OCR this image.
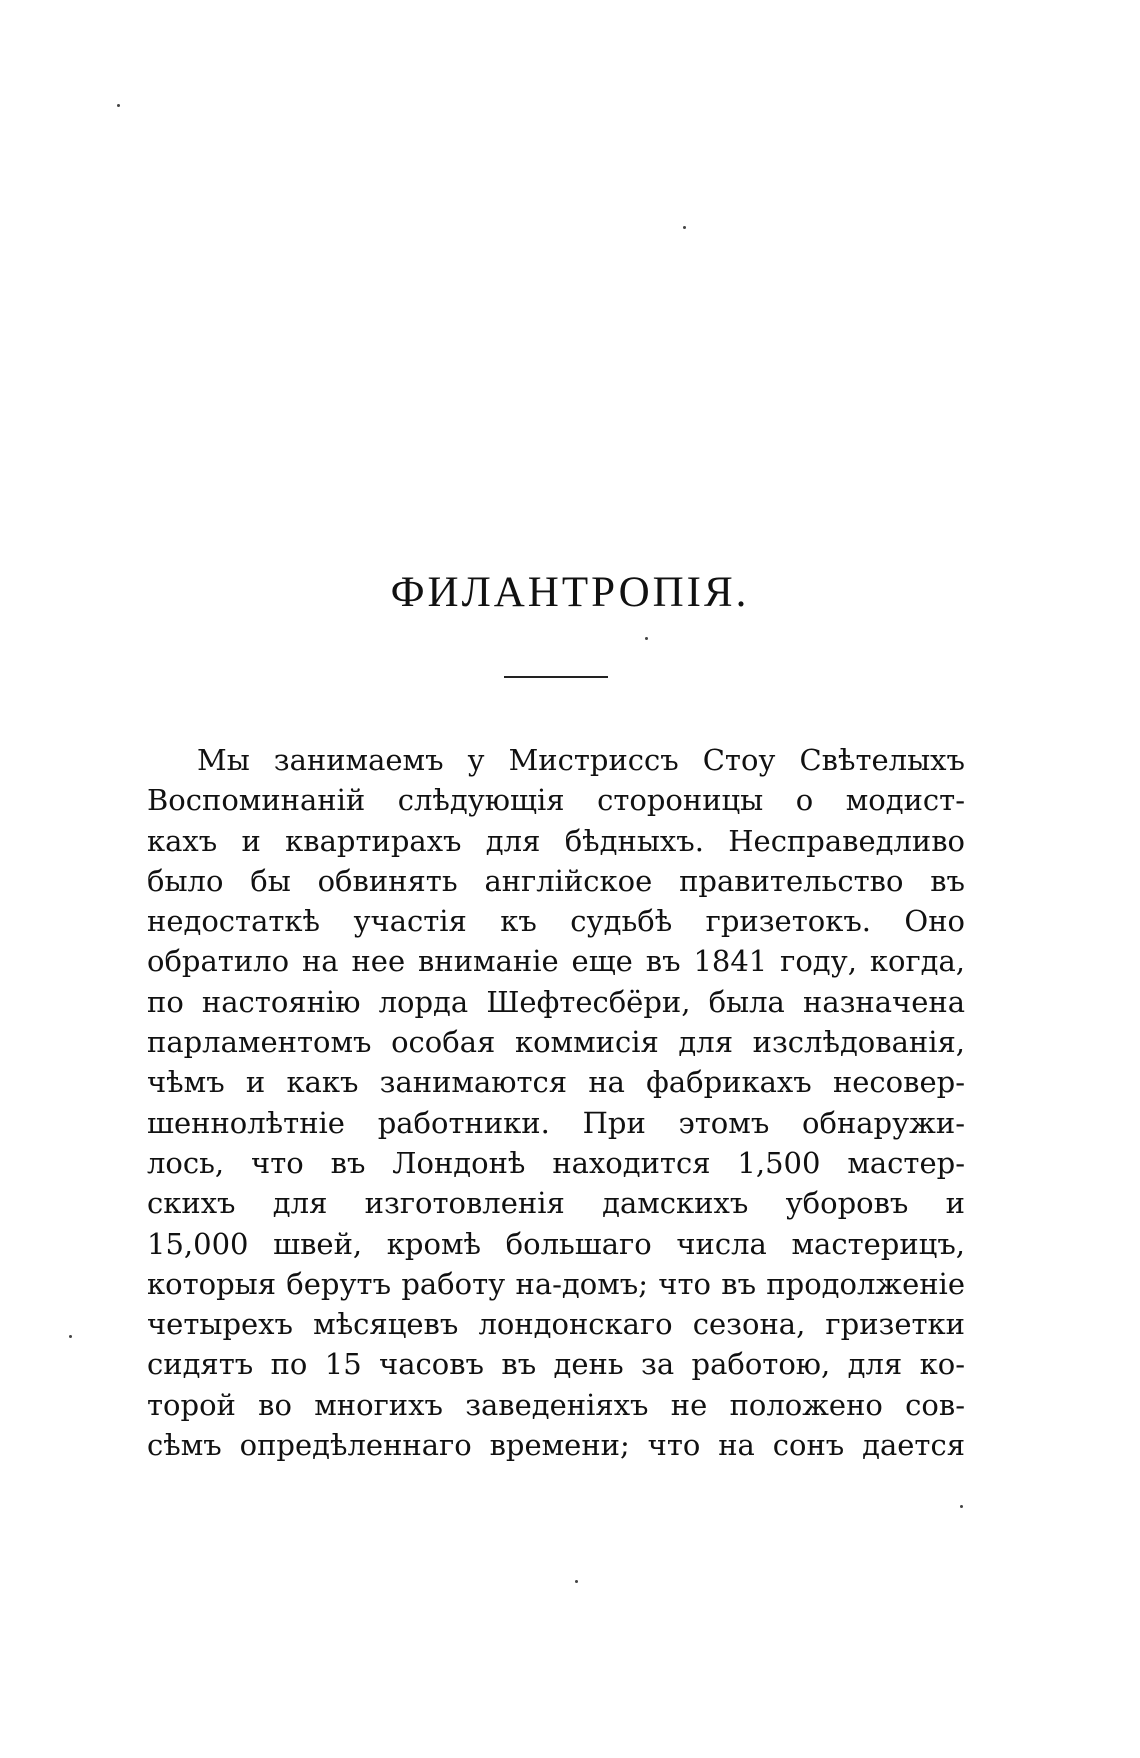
ФИЛАНТРОПІЯ.
Мы занимаемъ у Мистриссъ Стоу Свѣтелыхъ
Воспоминаній слѣдующія стороницы о модист-
кахъ и квартирахъ для бѣдныхъ. Несправедливо
было бы обвинять англійское правительство въ
недостаткѣ участія къ судьбѣ гризетокъ. Оно
обратило на нее вниманіе еще въ 1841 году, когда,
по настоянію лорда Шефтесбёри, была назначена
парламентомъ особая коммисія для изслѣдованія,
чѣмъ и какъ занимаются на фабрикахъ несовер-
шеннолѣтніе работники. При этомъ обнаружи-
лось, что въ Лондонѣ находится 1,500 мастер-
скихъ для изготовленія дамскихъ уборовъ и
15,000 швей, кромѣ большаго числа мастерицъ,
которыя берутъ работу на-домъ; что въ продолженіе
четырехъ мѣсяцевъ лондонскаго сезона, гризетки
сидятъ по 15 часовъ въ день за работою, для ко-
торой во многихъ заведеніяхъ не положено сов-
сѣмъ опредѣленнаго времени; что на сонъ дается
